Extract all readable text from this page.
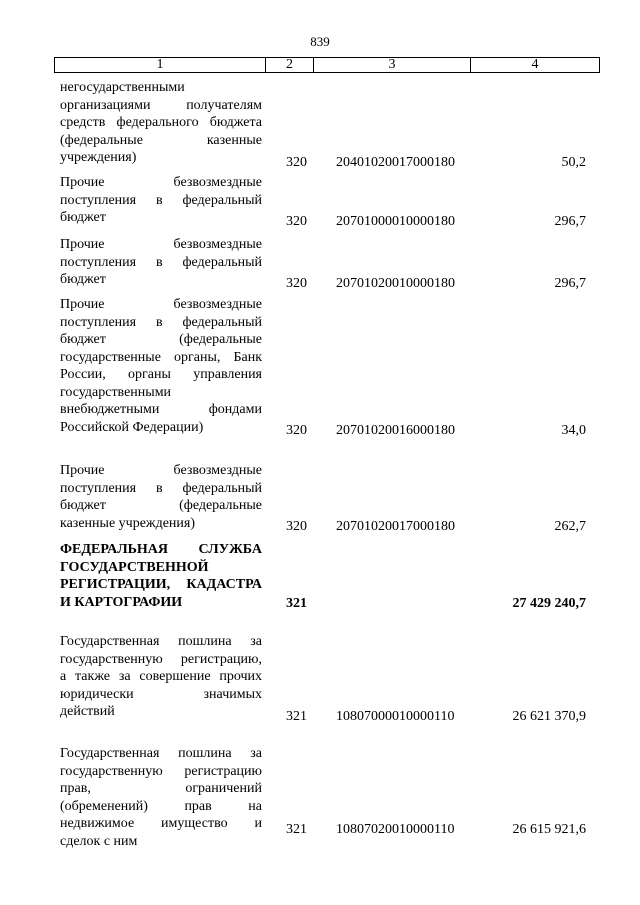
839
1	2	3	4
негосударственными
организациями получателям
средств федерального бюджета
(федеральные казенные
учреждения)	320 20401020017000180	50,2
Прочие безвозмездные
поступления в федеральный
бюджет	320 20701000010000180	296,7
Прочие безвозмездные
поступления в федеральный
бюджет	320 20701020010000180	296,7
Прочие безвозмездные
поступления в федеральный
бюджет (федеральные
государственные органы, Банк
России, органы управления
государственными
внебюджетными фондами
Российской Федерации)	320 20701020016000180	34,0
Прочие безвозмездные
поступления в федеральный
бюджет (федеральные
казенные учреждения)	320 20701020017000180	262,7
ФЕДЕРАЛЬНАЯ СЛУЖБА
ГОСУДАРСТВЕННОЙ
РЕГИСТРАЦИИ, КАДАСТРА
И КАРТОГРАФИИ	321	27 429 240,7
Государственная пошлина за
государственную регистрацию,
а также за совершение прочих
юридически значимых
действий	321 10807000010000110	26 621 370,9
Государственная пошлина за
государственную регистрацию
прав, ограничений
(обременений) прав на
недвижимое имущество и
сделок с ним
321 10807020010000110	26 615 921,6
